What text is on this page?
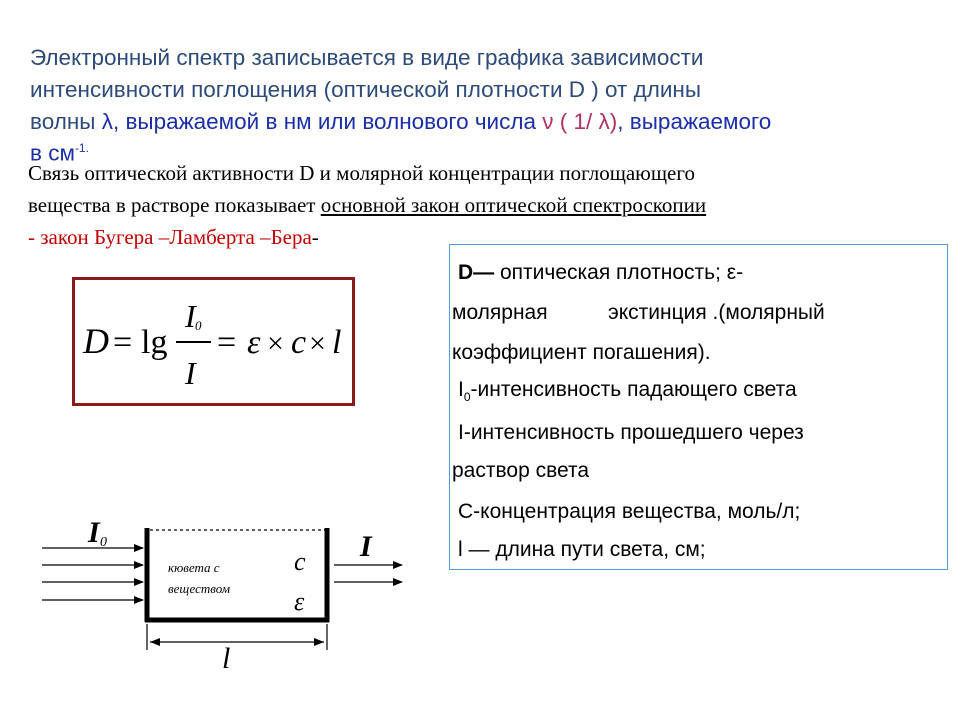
Электронный спектр записывается в виде графика зависимости
интенсивности поглощения (оптической плотности D ) от длины
волны λ, выражаемой в нм или волнового числа ν ( 1/ λ), выражаемого
в $см^{-1.}$
Связь оптической активности D и молярной концентрации поглощающего
вещества в растворе показывает основной закон оптической спектроскопии
- закон Бугера –Ламберта –Бера-
D = lg
I 0
I
= ε × c × l
D— оптическая плотность; ε-
молярная	экстинция .(молярный
коэффициент погашения).
$I_0$-интенсивность падающего света
I-интенсивность прошедшего через
раствор света
С-концентрация вещества, моль/л;
l — длина пути света, см;
I 0
кювета с
веществом
c
ε
I
l
